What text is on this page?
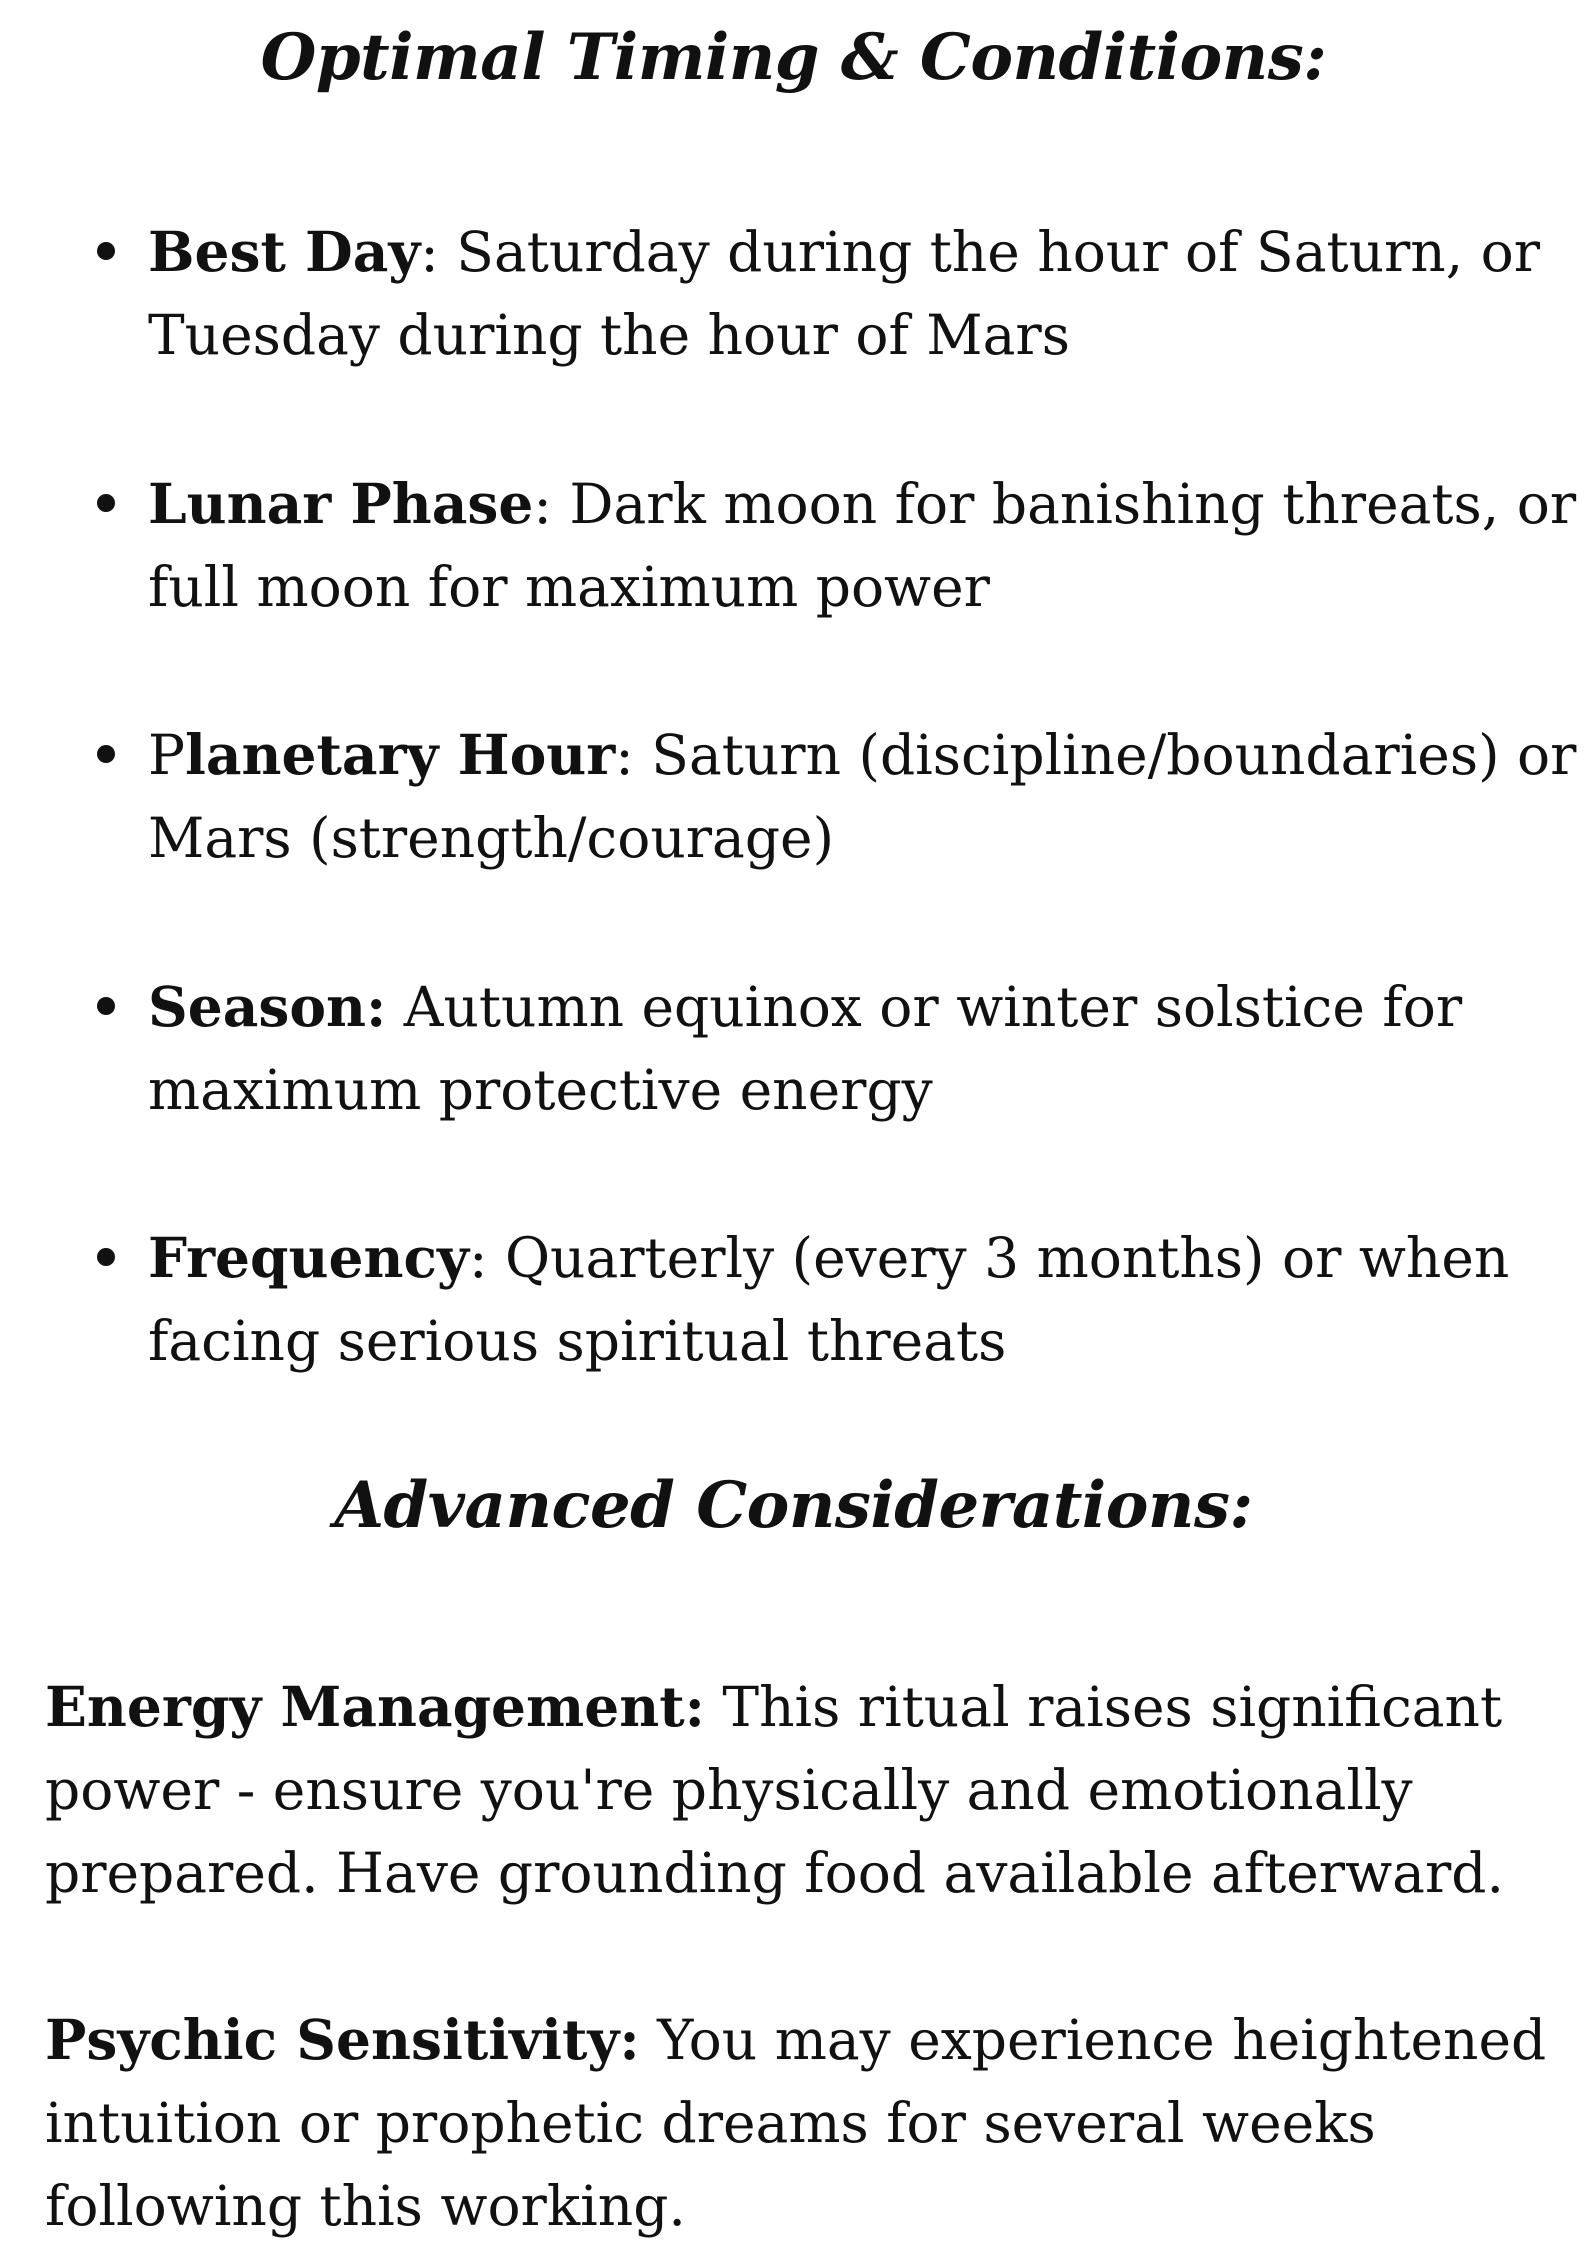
Optimal Timing & Conditions:
Best Day: Saturday during the hour of Saturn, or
Tuesday during the hour of Mars
Lunar Phase: Dark moon for banishing threats, or
full moon for maximum power
Planetary Hour: Saturn (discipline/boundaries) or
Mars (strength/courage)
Season: Autumn equinox or winter solstice for
maximum protective energy
Frequency: Quarterly (every 3 months) or when
facing serious spiritual threats
Advanced Considerations:

Energy Management: This ritual raises significant
power - ensure you're physically and emotionally
prepared. Have grounding food available afterward.

Psychic Sensitivity: You may experience heightened
intuition or prophetic dreams for several weeks
following this working.
